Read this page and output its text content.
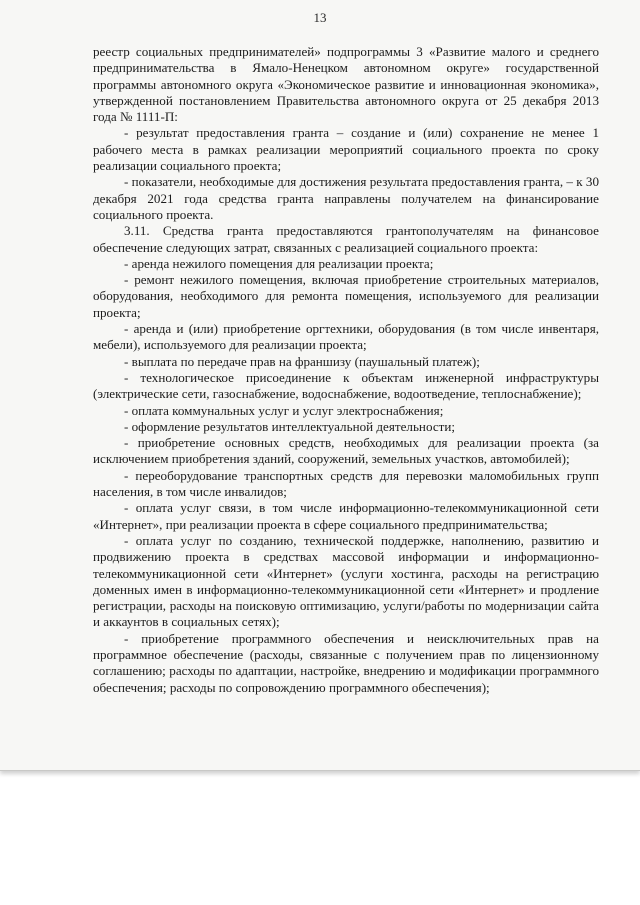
13

реестр социальных предпринимателей» подпрограммы 3 «Развитие малого и среднего предпринимательства в Ямало-Ненецком автономном округе» государственной программы автономного округа «Экономическое развитие и инновационная экономика», утвержденной постановлением Правительства автономного округа от 25 декабря 2013 года № 1111-П:

- результат предоставления гранта – создание и (или) сохранение не менее 1 рабочего места в рамках реализации мероприятий социального проекта по сроку реализации социального проекта;

- показатели, необходимые для достижения результата предоставления гранта, – к 30 декабря 2021 года средства гранта направлены получателем на финансирование социального проекта.

3.11. Средства гранта предоставляются грантополучателям на финансовое обеспечение следующих затрат, связанных с реализацией социального проекта:

- аренда нежилого помещения для реализации проекта;

- ремонт нежилого помещения, включая приобретение строительных материалов, оборудования, необходимого для ремонта помещения, используемого для реализации проекта;

- аренда и (или) приобретение оргтехники, оборудования (в том числе инвентаря, мебели), используемого для реализации проекта;

- выплата по передаче прав на франшизу (паушальный платеж);

- технологическое присоединение к объектам инженерной инфраструктуры (электрические сети, газоснабжение, водоснабжение, водоотведение, теплоснабжение);

- оплата коммунальных услуг и услуг электроснабжения;

- оформление результатов интеллектуальной деятельности;

- приобретение основных средств, необходимых для реализации проекта (за исключением приобретения зданий, сооружений, земельных участков, автомобилей);

- переоборудование транспортных средств для перевозки маломобильных групп населения, в том числе инвалидов;

- оплата услуг связи, в том числе информационно-телекоммуникационной сети «Интернет», при реализации проекта в сфере социального предпринимательства;

- оплата услуг по созданию, технической поддержке, наполнению, развитию и продвижению проекта в средствах массовой информации и информационно-телекоммуникационной сети «Интернет» (услуги хостинга, расходы на регистрацию доменных имен в информационно-телекоммуникационной сети «Интернет» и продление регистрации, расходы на поисковую оптимизацию, услуги/работы по модернизации сайта и аккаунтов в социальных сетях);

- приобретение программного обеспечения и неисключительных прав на программное обеспечение (расходы, связанные с получением прав по лицензионному соглашению; расходы по адаптации, настройке, внедрению и модификации программного обеспечения; расходы по сопровождению программного обеспечения);
